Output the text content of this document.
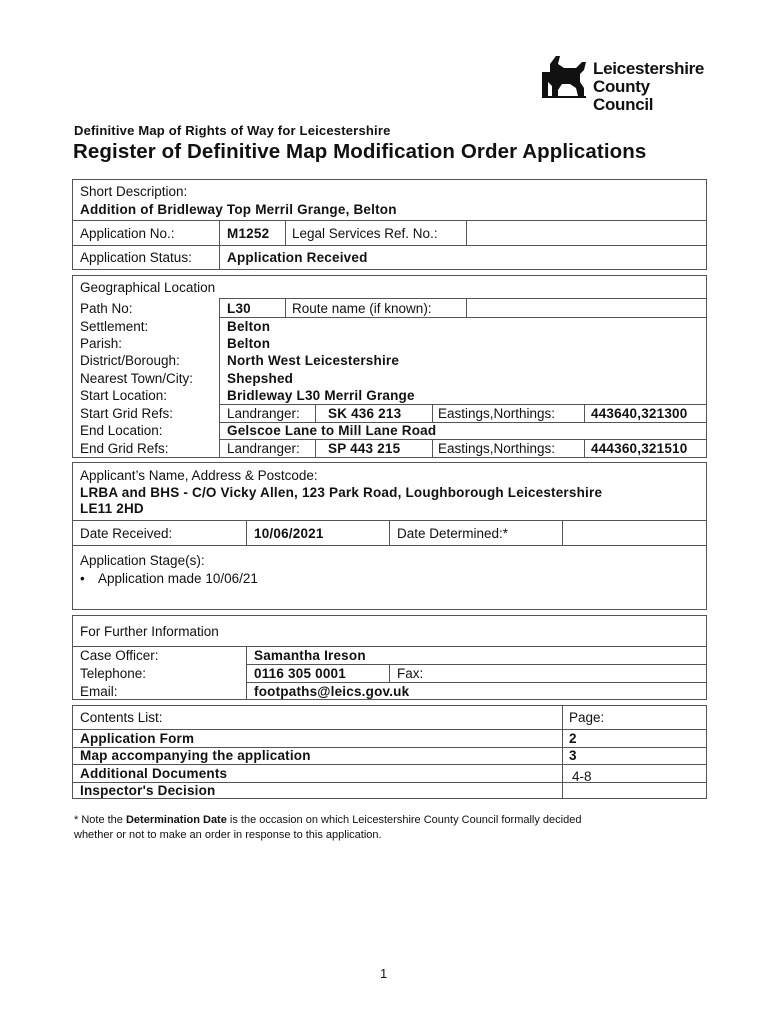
Leicestershire
County Council
Definitive Map of Rights of Way for Leicestershire
Register of Definitive Map Modification Order Applications
Short Description:
Addition of Bridleway Top Merril Grange, Belton
Application No.:	M1252 Legal Services Ref. No.:
Application Status:	Application Received
Geographical Location
Path No:	L30	Route name (if known):
Settlement:	Belton
Parish:	Belton
District/Borough:	North West Leicestershire
Nearest Town/City:	Shepshed
Start Location:	Bridleway L30 Merril Grange
Start Grid Refs:	Landranger: SK 436 213	Eastings,Northings:	443640,321300
End Location:	Gelscoe Lane to Mill Lane Road
End Grid Refs:	Landranger: SP 443 215	Eastings,Northings:	444360,321510
Applicant’s Name, Address & Postcode:
LRBA and BHS - C/O Vicky Allen, 123 Park Road, Loughborough Leicestershire
LE11 2HD
Date Received:	10/06/2021	Date Determined:*
Application Stage(s):
• Application made 10/06/21
For Further Information
Case Officer:	Samantha Ireson
Telephone:	0116 305 0001	Fax:
Email:	footpaths@leics.gov.uk
Contents List:	Page:
Application Form	2
Map accompanying the application	3
Additional Documents	4-8
Inspector's Decision
* Note the Determination Date is the occasion on which Leicestershire County Council formally decided
whether or not to make an order in response to this application.
1
